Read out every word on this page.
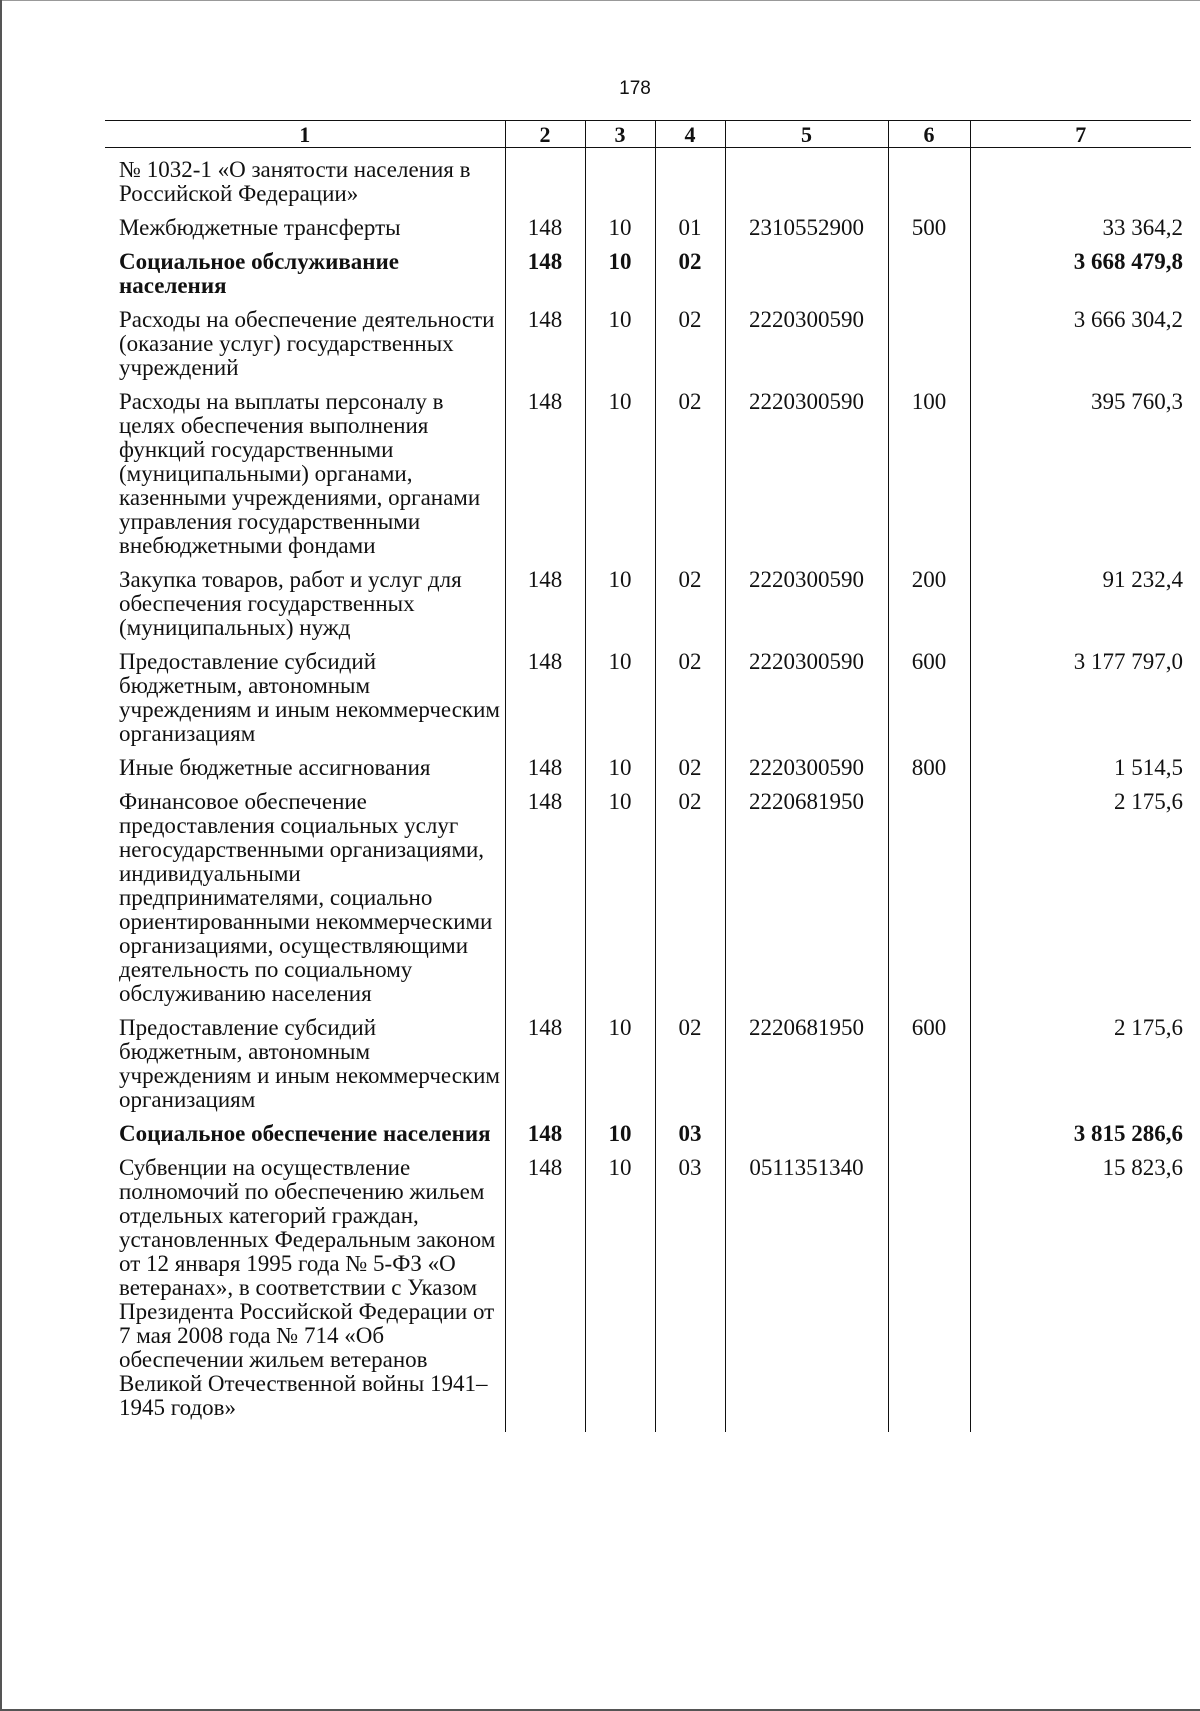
178
1	2	3	4	5	6	7
№ 1032-1 «О занятости населения в Российской Федерации»						
Межбюджетные трансферты	148	10	01	2310552900	500	33 364,2
Социальное обслуживание населения	148	10	02			3 668 479,8
Расходы на обеспечение деятельности (оказание услуг) государственных учреждений	148	10	02	2220300590		3 666 304,2
Расходы на выплаты персоналу в целях обеспечения выполнения функций государственными (муниципальными) органами, казенными учреждениями, органами управления государственными внебюджетными фондами	148	10	02	2220300590	100	395 760,3
Закупка товаров, работ и услуг для обеспечения государственных (муниципальных) нужд	148	10	02	2220300590	200	91 232,4
Предоставление субсидий бюджетным, автономным учреждениям и иным некоммерческим организациям	148	10	02	2220300590	600	3 177 797,0
Иные бюджетные ассигнования	148	10	02	2220300590	800	1 514,5
Финансовое обеспечение предоставления социальных услуг негосударственными организациями, индивидуальными предпринимателями, социально ориентированными некоммерческими организациями, осуществляющими деятельность по социальному обслуживанию населения	148	10	02	2220681950		2 175,6
Предоставление субсидий бюджетным, автономным учреждениям и иным некоммерческим организациям	148	10	02	2220681950	600	2 175,6
Социальное обеспечение населения	148	10	03			3 815 286,6
Субвенции на осуществление полномочий по обеспечению жильем отдельных категорий граждан, установленных Федеральным законом от 12 января 1995 года № 5-ФЗ «О ветеранах», в соответствии с Указом Президента Российской Федерации от 7 мая 2008 года № 714 «Об обеспечении жильем ветеранов Великой Отечественной войны 1941–1945 годов»	148	10	03	0511351340		15 823,6
